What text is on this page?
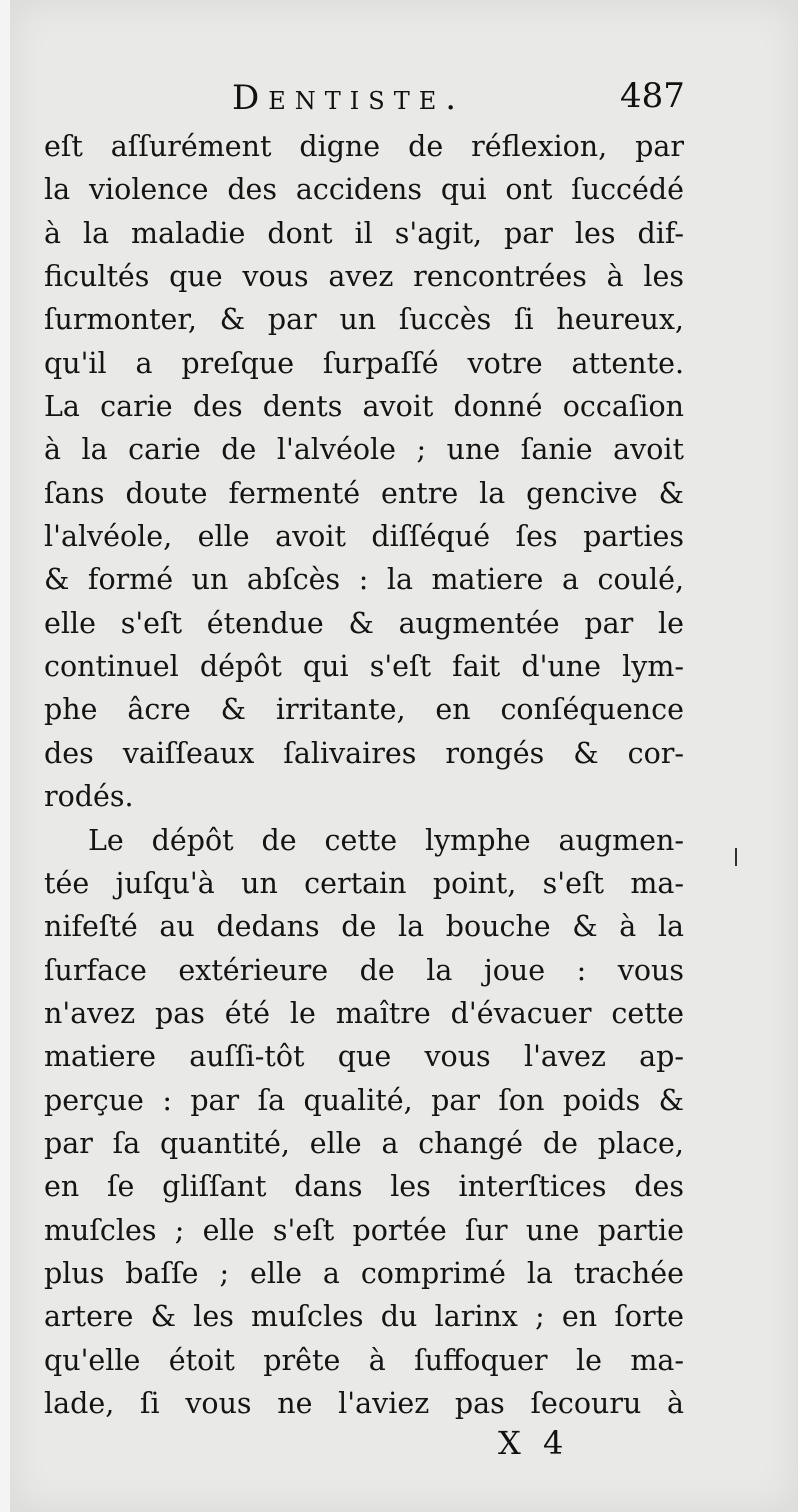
Dentiste.	487
eſt aſſurément digne de réflexion, par
la violence des accidens qui ont ſuccédé
à la maladie dont il s'agit, par les dif-
ficultés que vous avez rencontrées à les
ſurmonter, & par un ſuccès ſi heureux,
qu'il a preſque ſurpaſſé votre attente.
La carie des dents avoit donné occaſion
à la carie de l'alvéole ; une ſanie avoit
ſans doute fermenté entre la gencive &
l'alvéole, elle avoit diſſéqué ſes parties
& formé un abſcès : la matiere a coulé,
elle s'eſt étendue & augmentée par le
continuel dépôt qui s'eſt fait d'une lym-
phe âcre & irritante, en conſéquence
des vaiſſeaux ſalivaires rongés & cor-
rodés.
Le dépôt de cette lymphe augmen-
tée juſqu'à un certain point, s'eſt ma-
nifeſté au dedans de la bouche & à la
ſurface extérieure de la joue : vous
n'avez pas été le maître d'évacuer cette
matiere auſſi-tôt que vous l'avez ap-
perçue : par ſa qualité, par ſon poids &
par ſa quantité, elle a changé de place,
en ſe gliſſant dans les interſtices des
muſcles ; elle s'eſt portée ſur une partie
plus baſſe ; elle a comprimé la trachée
artere & les muſcles du larinx ; en ſorte
qu'elle étoit prête à ſuffoquer le ma-
lade, ſi vous ne l'aviez pas ſecouru à
X 4
